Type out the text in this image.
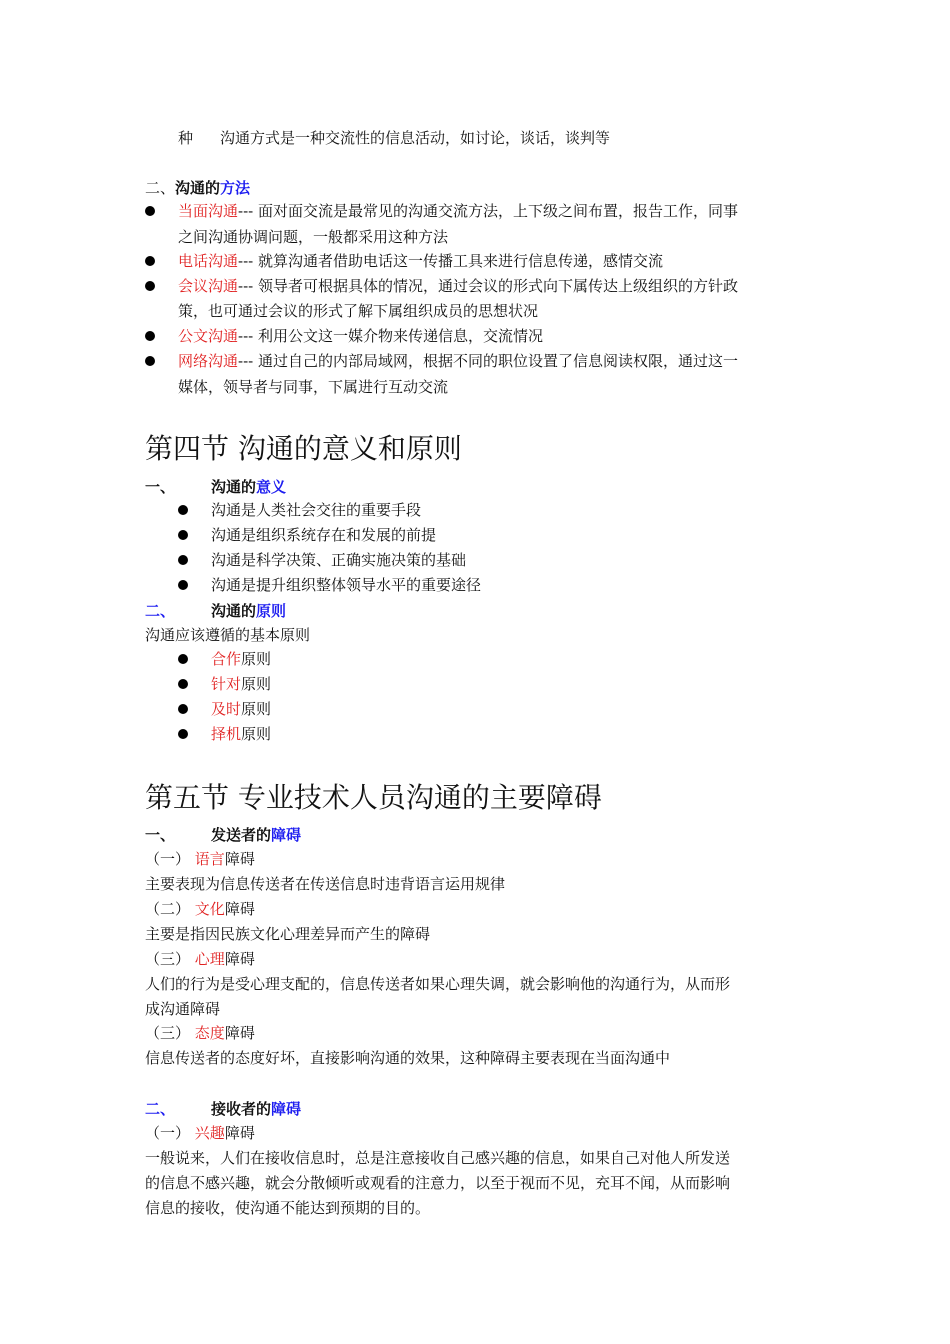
种 沟通方式是一种交流性的信息活动，如讨论，谈话，谈判等
二、沟通的方法
当面沟通--- 面对面交流是最常见的沟通交流方法，上下级之间布置，报告工作，同事
之间沟通协调问题，一般都采用这种方法
电话沟通--- 就算沟通者借助电话这一传播工具来进行信息传递，感情交流
会议沟通--- 领导者可根据具体的情况，通过会议的形式向下属传达上级组织的方针政
策，也可通过会议的形式了解下属组织成员的思想状况
公文沟通--- 利用公文这一媒介物来传递信息，交流情况
网络沟通--- 通过自己的内部局域网，根据不同的职位设置了信息阅读权限，通过这一
媒体，领导者与同事，下属进行互动交流
第四节 沟通的意义和原则
一、 沟通的意义
沟通是人类社会交往的重要手段
沟通是组织系统存在和发展的前提
沟通是科学决策、正确实施决策的基础
沟通是提升组织整体领导水平的重要途径
二、 沟通的原则
沟通应该遵循的基本原则
合作原则
针对原则
及时原则
择机原则
第五节 专业技术人员沟通的主要障碍
一、 发送者的障碍
（一） 语言障碍
主要表现为信息传送者在传送信息时违背语言运用规律
（二） 文化障碍
主要是指因民族文化心理差异而产生的障碍
（三） 心理障碍
人们的行为是受心理支配的，信息传送者如果心理失调，就会影响他的沟通行为，从而形
成沟通障碍
（三） 态度障碍
信息传送者的态度好坏，直接影响沟通的效果，这种障碍主要表现在当面沟通中
二、 接收者的障碍
（一） 兴趣障碍
一般说来，人们在接收信息时，总是注意接收自己感兴趣的信息，如果自己对他人所发送
的信息不感兴趣，就会分散倾听或观看的注意力，以至于视而不见，充耳不闻，从而影响
信息的接收，使沟通不能达到预期的目的。
